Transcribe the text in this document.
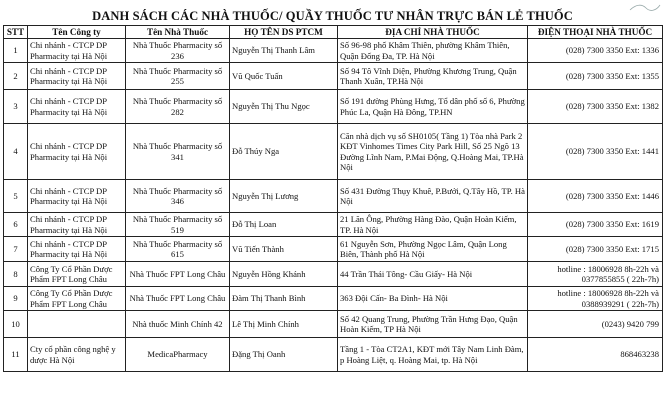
DANH SÁCH CÁC NHÀ THUỐC/ QUẦY THUỐC TƯ NHÂN TRỰC BÁN LẺ THUỐC
STT	Tên Công ty	Tên Nhà Thuốc	HỌ TÊN DS PTCM	ĐỊA CHỈ NHÀ THUỐC	ĐIỆN THOẠI NHÀ THUỐC
1	Chi nhánh - CTCP DP Pharmacity tại Hà Nội	Nhà Thuốc Pharmacity số 236	Nguyễn Thị Thanh Lâm	Số 96-98 phố Khâm Thiên, phường Khâm Thiên, Quận Đống Đa, TP. Hà Nội	(028) 7300 3350 Ext: 1336
2	Chi nhánh - CTCP DP Pharmacity tại Hà Nội	Nhà Thuốc Pharmacity số 255	Vũ Quốc Tuấn	Số 94 Tô Vĩnh Diện, Phường Khương Trung, Quận Thanh Xuân, TP.Hà Nội	(028) 7300 3350 Ext: 1355
3	Chi nhánh - CTCP DP Pharmacity tại Hà Nội	Nhà Thuốc Pharmacity số 282	Nguyễn Thị Thu Ngọc	Số 191 đường Phùng Hưng, Tổ dân phố số 6, Phường Phúc La, Quận Hà Đông, TP.HN	(028) 7300 3350 Ext: 1382
4	Chi nhánh - CTCP DP Pharmacity tại Hà Nội	Nhà Thuốc Pharmacity số 341	Đỗ Thúy Nga	Căn nhà dịch vụ số SH0105( Tầng 1) Tòa nhà Park 2 KĐT Vinhomes Times City Park Hill, Số 25 Ngõ 13 Đường Lĩnh Nam, P.Mai Động, Q.Hoàng Mai, TP.Hà Nội	(028) 7300 3350 Ext: 1441
5	Chi nhánh - CTCP DP Pharmacity tại Hà Nội	Nhà Thuốc Pharmacity số 346	Nguyễn Thị Lương	Số 431 Đường Thụy Khuê, P.Bưởi, Q.Tây Hồ, TP. Hà Nội	(028) 7300 3350 Ext: 1446
6	Chi nhánh - CTCP DP Pharmacity tại Hà Nội	Nhà Thuốc Pharmacity số 519	Đỗ Thị Loan	21 Lãn Ông, Phường Hàng Đào, Quận Hoàn Kiếm, TP. Hà Nội	(028) 7300 3350 Ext: 1619
7	Chi nhánh - CTCP DP Pharmacity tại Hà Nội	Nhà Thuốc Pharmacity số 615	Vũ Tiến Thành	61 Nguyễn Sơn, Phường Ngọc Lâm, Quận Long Biên, Thành phố Hà Nội	(028) 7300 3350 Ext: 1715
8	Công Ty Cổ Phần Dược Phẩm FPT Long Châu	Nhà Thuốc FPT Long Châu	Nguyễn Hồng Khánh	44 Trần Thái Tông- Cầu Giấy- Hà Nội	hotline : 18006928 8h-22h và 0377855855 ( 22h-7h)
9	Công Ty Cổ Phần Dược Phẩm FPT Long Châu	Nhà Thuốc FPT Long Châu	Đàm Thị Thanh Bình	363 Đội Cấn- Ba Đình- Hà Nội	hotline : 18006928 8h-22h và 0388939291 ( 22h-7h)
10		Nhà thuốc Minh Chính 42	Lê Thị Minh Chính	Số 42 Quang Trung, Phường Trần Hưng Đạo, Quận Hoàn Kiếm, TP Hà Nội	(0243) 9420 799
11	Cty cổ phần công nghệ y dược Hà Nội	MedicaPharmacy	Đặng Thị Oanh	Tầng 1 - Tòa CT2A1, KĐT mới Tây Nam Linh Đàm, p Hoàng Liệt, q. Hoàng Mai, tp. Hà Nội	868463238
